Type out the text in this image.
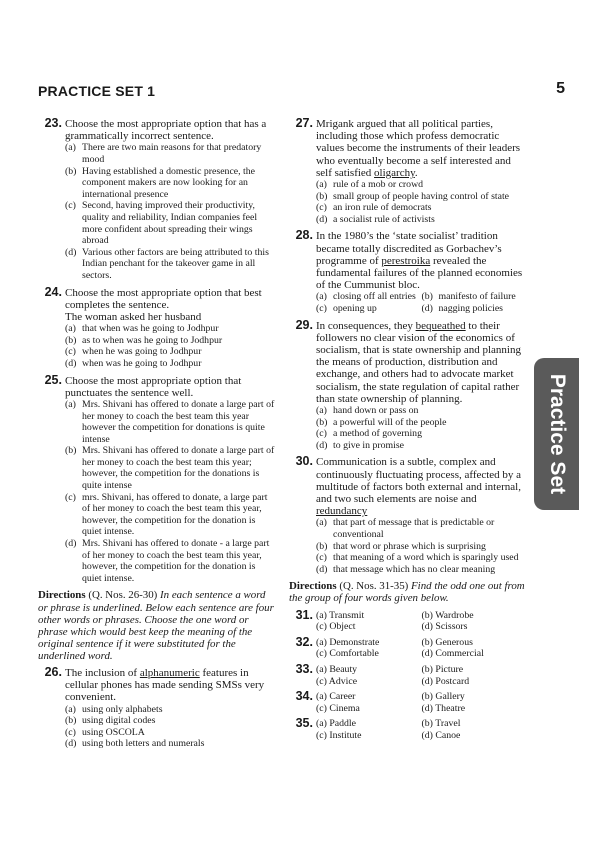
PRACTICE SET 1	5
Practice Set
23. Choose the most appropriate option that has a grammatically incorrect sentence.
(a) There are two main reasons for that predatory mood
(b) Having established a domestic presence, the component makers are now looking for an international presence
(c) Second, having improved their productivity, quality and reliability, Indian companies feel more confident about spreading their wings abroad
(d) Various other factors are being attributed to this Indian penchant for the takeover game in all sectors.
24. Choose the most appropriate option that best completes the sentence.
The woman asked her husband
(a) that when was he going to Jodhpur
(b) as to when was he going to Jodhpur
(c) when he was going to Jodhpur
(d) when was he going to Jodhpur
25. Choose the most appropriate option that punctuates the sentence well.
(a) Mrs. Shivani has offered to donate a large part of her money to coach the best team this year however the competition for donations is quite intense
(b) Mrs. Shivani has offered to donate a large part of her money to coach the best team this year; however, the competition for the donations is quite intense
(c) mrs. Shivani, has offered to donate, a large part of her money to coach the best team this year, however, the competition for the donation is quiet intense.
(d) Mrs. Shivani has offered to donate - a large part of her money to coach the best team this year, however, the competition for the donation is quiet intense.
Directions (Q. Nos. 26-30) In each sentence a word or phrase is underlined. Below each sentence are four other words or phrases. Choose the one word or phrase which would best keep the meaning of the original sentence if it were substituted for the underlined word.
26. The inclusion of alphanumeric features in cellular phones has made sending SMSs very convenient.
(a) using only alphabets
(b) using digital codes
(c) using OSCOLA
(d) using both letters and numerals
27. Mrigank argued that all political parties, including those which profess democratic values become the instruments of their leaders who eventually become a self interested and self satisfied oligarchy.
(a) rule of a mob or crowd
(b) small group of people having control of state
(c) an iron rule of democrats
(d) a socialist rule of activists
28. In the 1980’s the ‘state socialist’ tradition became totally discredited as Gorbachev’s programme of perestroika revealed the fundamental failures of the planned economies of the Cummunist bloc.
(a) closing off all entries (b) manifesto of failure
(c) opening up	(d) nagging policies
29. In consequences, they bequeathed to their followers no clear vision of the economics of socialism, that is state ownership and planning the means of production, distribution and exchange, and others had to advocate market socialism, the state regulation of capital rather than state ownership of planning.
(a) hand down or pass on
(b) a powerful will of the people
(c) a method of governing
(d) to give in promise
30. Communication is a subtle, complex and continuously fluctuating process, affected by a multitude of factors both external and internal, and two such elements are noise and redundancy
(a) that part of message that is predictable or conventional
(b) that word or phrase which is surprising
(c) that meaning of a word which is sparingly used
(d) that message which has no clear meaning
Directions (Q. Nos. 31-35) Find the odd one out from the group of four words given below.
31. (a) Transmit	(b) Wardrobe
(c) Object	(d) Scissors
32. (a) Demonstrate	(b) Generous
(c) Comfortable	(d) Commercial
33. (a) Beauty	(b) Picture
(c) Advice	(d) Postcard
34. (a) Career	(b) Gallery
(c) Cinema	(d) Theatre
35. (a) Paddle	(b) Travel
(c) Institute	(d) Canoe
